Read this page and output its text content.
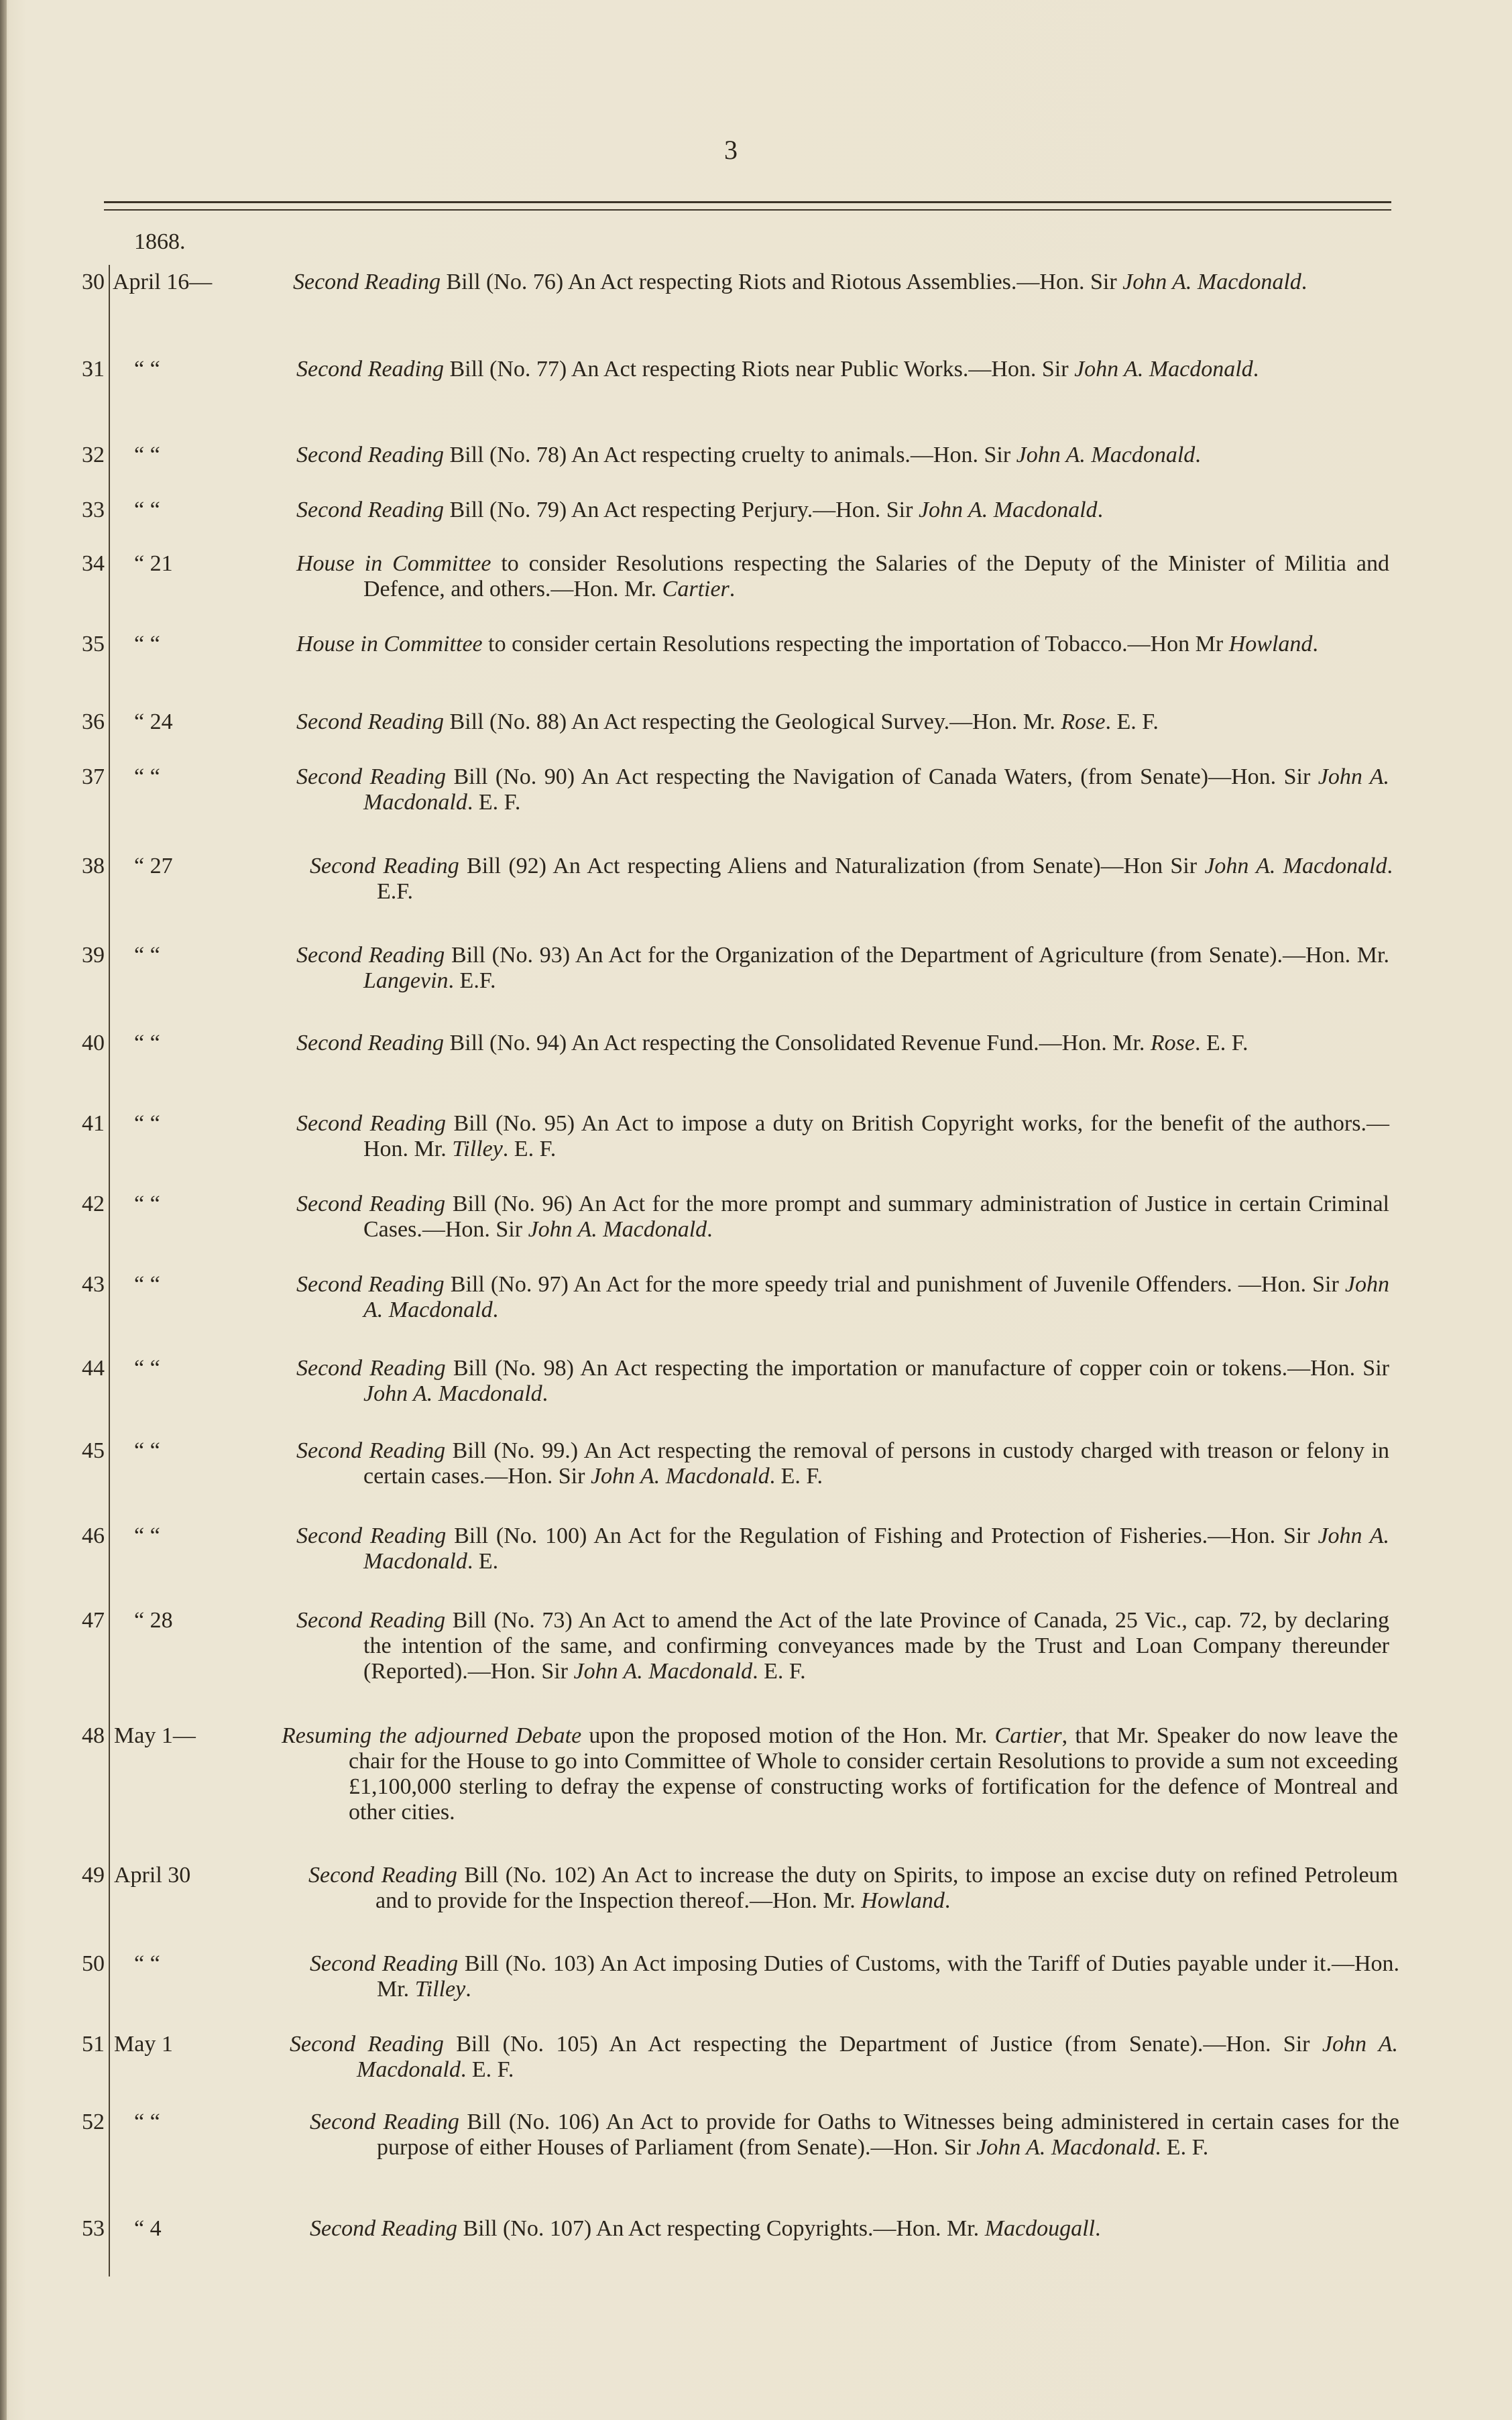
3
1868.
30 April 16—	Second Reading Bill (No. 76) An Act respecting Riots and Riotous Assemblies.—Hon. Sir John A. Macdonald.
31 “ “	Second Reading Bill (No. 77) An Act respecting Riots near Public Works.—Hon. Sir John A. Macdonald.
32 “ “	Second Reading Bill (No. 78) An Act respecting cruelty to animals.—Hon. Sir John A. Macdonald.
33 “ “	Second Reading Bill (No. 79) An Act respecting Perjury.—Hon. Sir John A. Macdonald.
34 “ 21	House in Committee to consider Resolutions respecting the Salaries of the Deputy of the Minister of Militia and Defence, and others.—Hon. Mr. Cartier.
35 “ “	House in Committee to consider certain Resolutions respecting the importation of Tobacco.—Hon Mr Howland.
36 “ 24	Second Reading Bill (No. 88) An Act respecting the Geological Survey.—Hon. Mr. Rose. E. F.
37 “ “	Second Reading Bill (No. 90) An Act respecting the Navigation of Canada Waters, (from Senate)—Hon. Sir John A. Macdonald. E. F.
38 “ 27	Second Reading Bill (92) An Act respecting Aliens and Naturalization (from Senate)—Hon Sir John A. Macdonald. E.F.
39 “ “	Second Reading Bill (No. 93) An Act for the Organization of the Department of Agriculture (from Senate).—Hon. Mr. Langevin. E.F.
40 “ “	Second Reading Bill (No. 94) An Act respecting the Consolidated Revenue Fund.—Hon. Mr. Rose. E. F.
41 “ “	Second Reading Bill (No. 95) An Act to impose a duty on British Copyright works, for the benefit of the authors.—Hon. Mr. Tilley. E. F.
42 “ “	Second Reading Bill (No. 96) An Act for the more prompt and summary administration of Justice in certain Criminal Cases.—Hon. Sir John A. Macdonald.
43 “ “	Second Reading Bill (No. 97) An Act for the more speedy trial and punishment of Juvenile Offenders. —Hon. Sir John A. Macdonald.
44 “ “	Second Reading Bill (No. 98) An Act respecting the importation or manufacture of copper coin or tokens.—Hon. Sir John A. Macdonald.
45 “ “	Second Reading Bill (No. 99.) An Act respecting the removal of persons in custody charged with treason or felony in certain cases.—Hon. Sir John A. Macdonald. E. F.
46 “ “	Second Reading Bill (No. 100) An Act for the Regulation of Fishing and Protection of Fisheries.—Hon. Sir John A. Macdonald. E.
47 “ 28	Second Reading Bill (No. 73) An Act to amend the Act of the late Province of Canada, 25 Vic., cap. 72, by declaring the intention of the same, and confirming conveyances made by the Trust and Loan Company thereunder (Reported).—Hon. Sir John A. Macdonald. E. F.
48 May 1—	Resuming the adjourned Debate upon the proposed motion of the Hon. Mr. Cartier, that Mr. Speaker do now leave the chair for the House to go into Committee of Whole to consider certain Resolutions to provide a sum not exceeding £1,100,000 sterling to defray the expense of constructing works of fortification for the defence of Montreal and other cities.
49 April 30	Second Reading Bill (No. 102) An Act to increase the duty on Spirits, to impose an excise duty on refined Petroleum and to provide for the Inspection thereof.—Hon. Mr. Howland.
50 “ “	Second Reading Bill (No. 103) An Act imposing Duties of Customs, with the Tariff of Duties payable under it.—Hon. Mr. Tilley.
51 May 1	Second Reading Bill (No. 105) An Act respecting the Department of Justice (from Senate).—Hon. Sir John A. Macdonald. E. F.
52 “ “	Second Reading Bill (No. 106) An Act to provide for Oaths to Witnesses being administered in certain cases for the purpose of either Houses of Parliament (from Senate).—Hon. Sir John A. Macdonald. E. F.
53 “ 4	Second Reading Bill (No. 107) An Act respecting Copyrights.—Hon. Mr. Macdougall.
